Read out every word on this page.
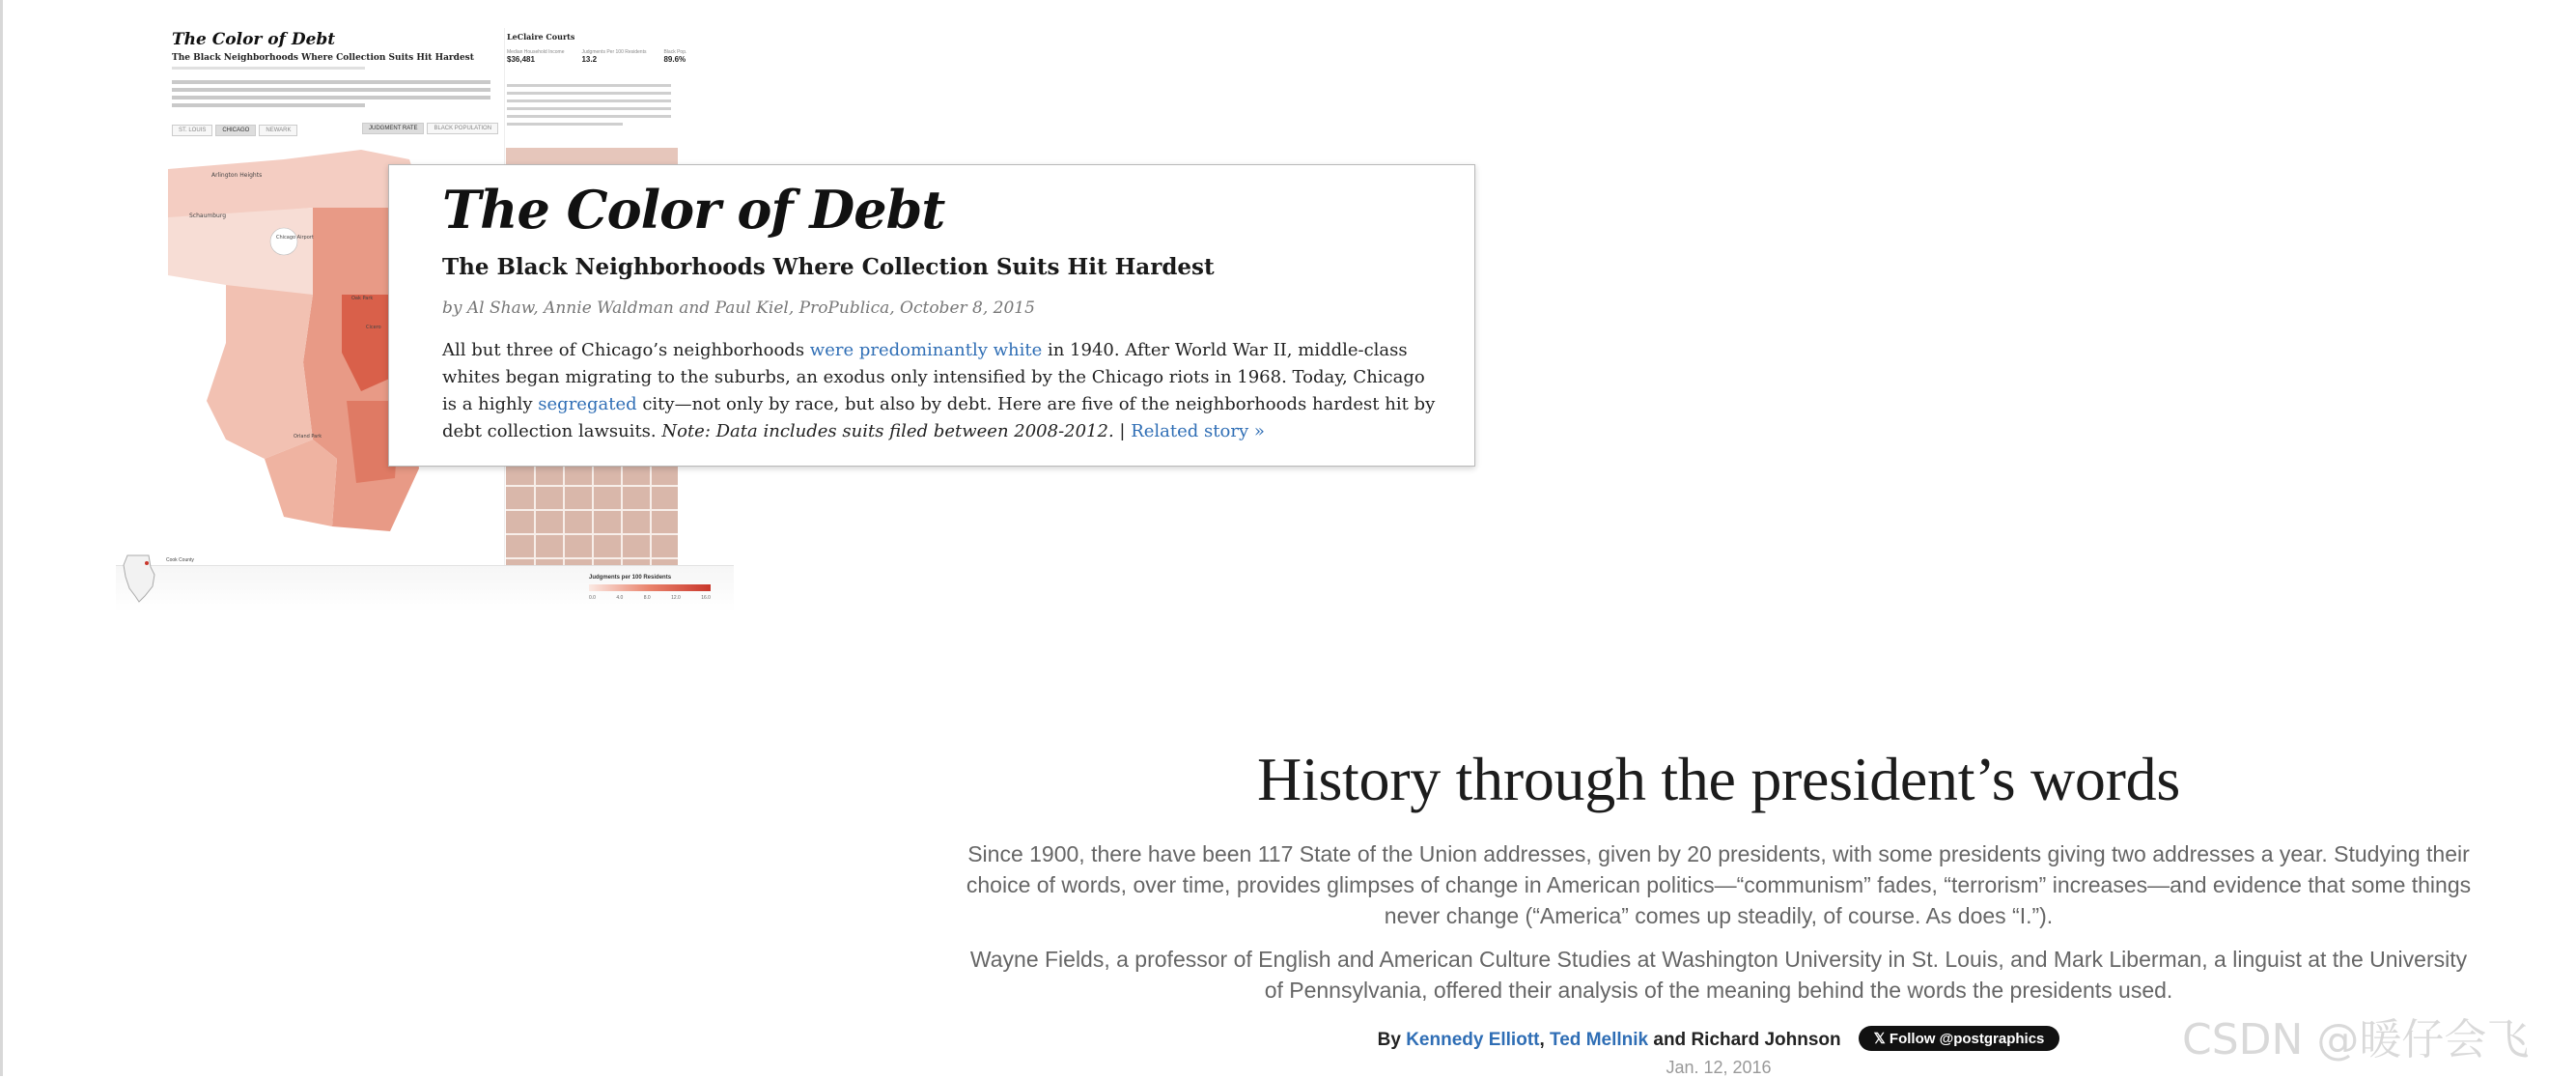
The Color of Debt
The Black Neighborhoods Where Collection Suits Hit Hardest
ST. LOUIS	CHICAGO	NEWARK	JUDGMENT RATE	BLACK POPULATION
Arlington Heights
Schaumburg
Chicago Airport
Oak Park
Cicero
Orland Park
LeClaire Courts
Median Household Income
$36,481
Judgments Per 100 Residents
13.2
Black Pop.
89.6%
Cook County
Judgments per 100 Residents
0.0	4.0	8.0	12.0	16.0
The Color of Debt
The Black Neighborhoods Where Collection Suits Hit Hardest
by Al Shaw, Annie Waldman and Paul Kiel, ProPublica, October 8, 2015

All but three of Chicago’s neighborhoods were predominantly white in 1940. After World War II, middle-class whites began migrating to the suburbs, an exodus only intensified by the Chicago riots in 1968. Today, Chicago is a highly segregated city—not only by race, but also by debt. Here are five of the neighborhoods hardest hit by debt collection lawsuits. Note: Data includes suits filed between 2008-2012. | Related story »

History through the president’s words

Since 1900, there have been 117 State of the Union addresses, given by 20 presidents, with some presidents giving two addresses a year. Studying their choice of words, over time, provides glimpses of change in American politics—“communism” fades, “terrorism” increases—and evidence that some things never change (“America” comes up steadily, of course. As does “I.”).

Wayne Fields, a professor of English and American Culture Studies at Washington University in St. Louis, and Mark Liberman, a linguist at the University of Pennsylvania, offered their analysis of the meaning behind the words the presidents used.

By Kennedy Elliott, Ted Mellnik and Richard Johnson 𝕏 Follow @postgraphics
Jan. 12, 2016
CSDN @暖仔会飞
